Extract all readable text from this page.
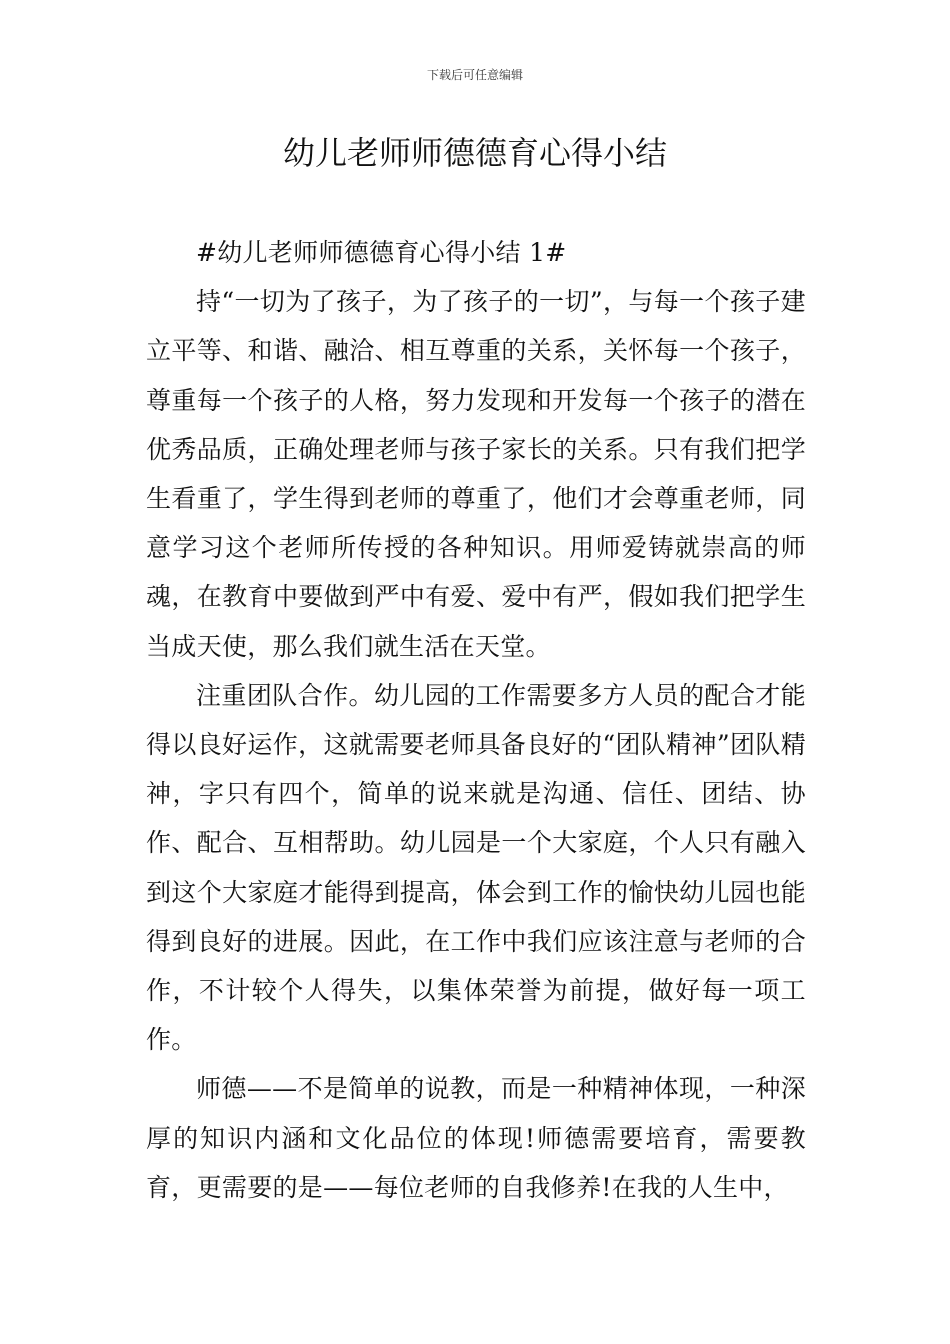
下载后可任意编辑
幼儿老师师德德育心得小结

#幼儿老师师德德育心得小结 1#

持“一切为了孩子，为了孩子的一切”，与每一个孩子建立平等、和谐、融洽、相互尊重的关系，关怀每一个孩子，尊重每一个孩子的人格，努力发现和开发每一个孩子的潜在优秀品质，正确处理老师与孩子家长的关系。只有我们把学生看重了，学生得到老师的尊重了，他们才会尊重老师，同意学习这个老师所传授的各种知识。用师爱铸就崇高的师魂，在教育中要做到严中有爱、爱中有严，假如我们把学生当成天使，那么我们就生活在天堂。

注重团队合作。幼儿园的工作需要多方人员的配合才能得以良好运作，这就需要老师具备良好的“团队精神”团队精神，字只有四个，简单的说来就是沟通、信任、团结、协作、配合、互相帮助。幼儿园是一个大家庭，个人只有融入到这个大家庭才能得到提高，体会到工作的愉快幼儿园也能得到良好的进展。因此，在工作中我们应该注意与老师的合作，不计较个人得失，以集体荣誉为前提，做好每一项工作。

师德——不是简单的说教，而是一种精神体现，一种深厚的知识内涵和文化品位的体现!师德需要培育，需要教育，更需要的是——每位老师的自我修养!在我的人生中，
